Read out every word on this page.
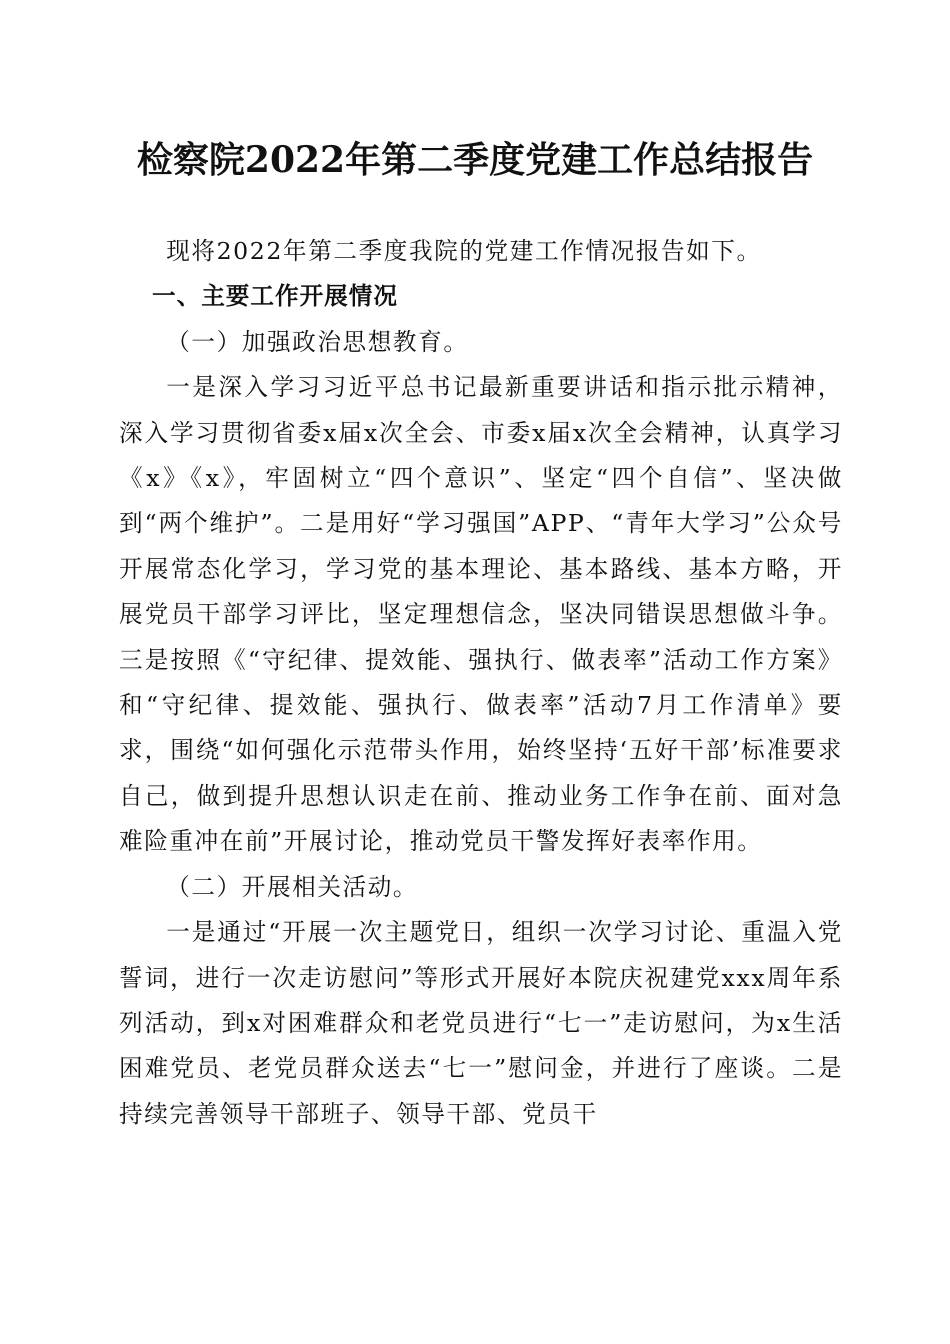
检察院2022年第二季度党建工作总结报告

现将2022年第二季度我院的党建工作情况报告如下。

一、主要工作开展情况

（一）加强政治思想教育。

一是深入学习习近平总书记最新重要讲话和指示批示精神，深入学习贯彻省委x届x次全会、市委x届x次全会精神，认真学习《x》《x》，牢固树立“四个意识”、坚定“四个自信”、坚决做到“两个维护”。二是用好“学习强国”APP、“青年大学习”公众号开展常态化学习，学习党的基本理论、基本路线、基本方略，开展党员干部学习评比，坚定理想信念，坚决同错误思想做斗争。三是按照《“守纪律、提效能、强执行、做表率”活动工作方案》和“守纪律、提效能、强执行、做表率”活动7月工作清单》要求，围绕“如何强化示范带头作用，始终坚持‘五好干部’标准要求自己，做到提升思想认识走在前、推动业务工作争在前、面对急难险重冲在前”开展讨论，推动党员干警发挥好表率作用。

（二）开展相关活动。

一是通过“开展一次主题党日，组织一次学习讨论、重温入党誓词，进行一次走访慰问”等形式开展好本院庆祝建党xxx周年系列活动，到x对困难群众和老党员进行“七一”走访慰问，为x生活困难党员、老党员群众送去“七一”慰问金，并进行了座谈。二是持续完善领导干部班子、领导干部、党员干
